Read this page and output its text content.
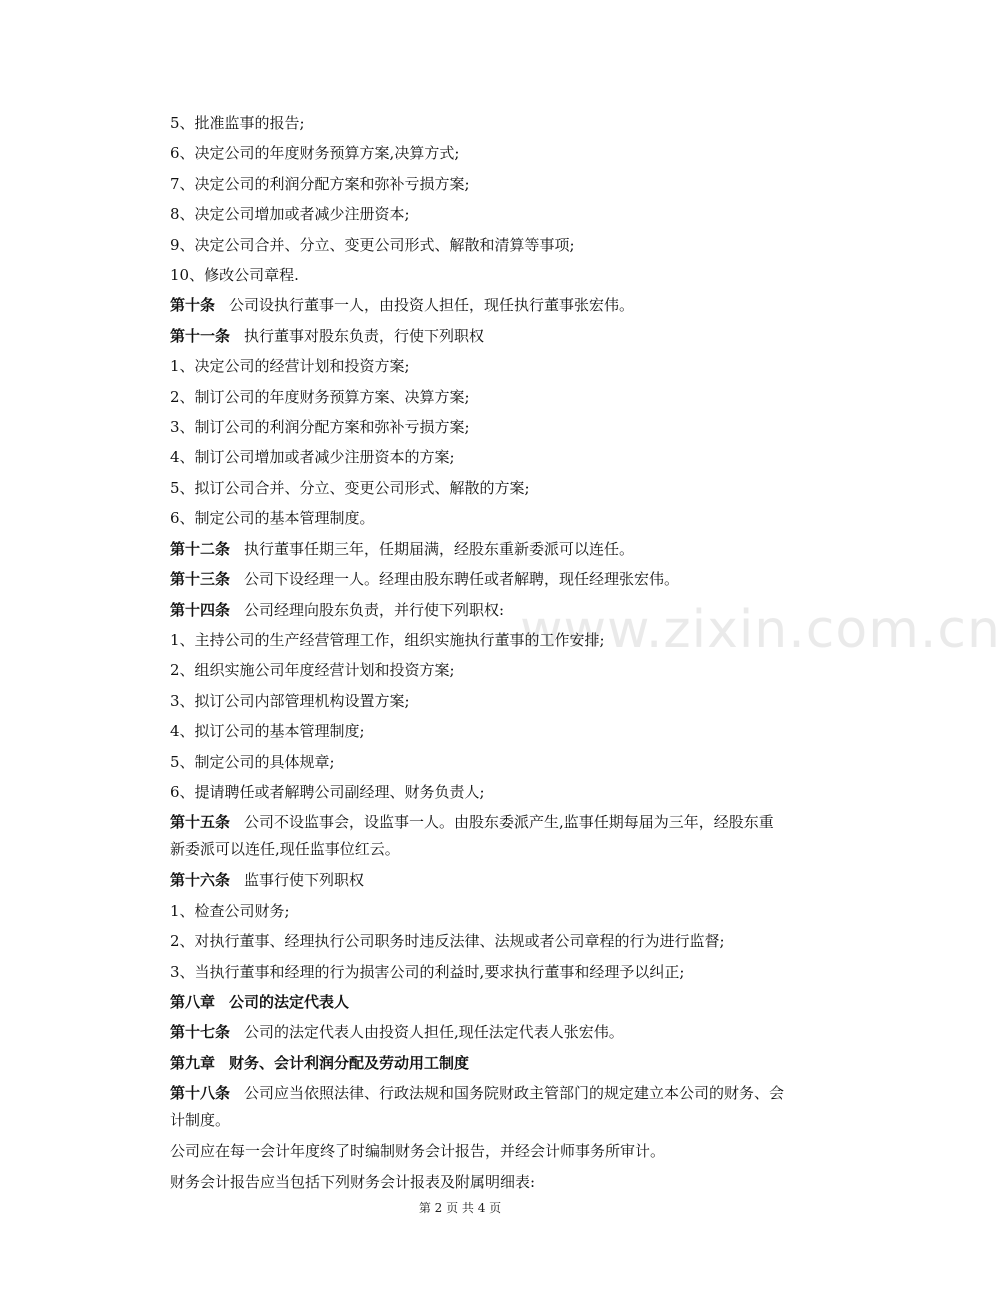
www.zixin.com.cn
5、批准监事的报告;
6、决定公司的年度财务预算方案,决算方式;
7、决定公司的利润分配方案和弥补亏损方案;
8、决定公司增加或者减少注册资本;
9、决定公司合并、分立、变更公司形式、解散和清算等事项;
10、修改公司章程.
第十条 公司设执行董事一人，由投资人担任，现任执行董事张宏伟。
第十一条 执行董事对股东负责，行使下列职权
1、决定公司的经营计划和投资方案;
2、制订公司的年度财务预算方案、决算方案;
3、制订公司的利润分配方案和弥补亏损方案;
4、制订公司增加或者减少注册资本的方案;
5、拟订公司合并、分立、变更公司形式、解散的方案;
6、制定公司的基本管理制度。
第十二条 执行董事任期三年，任期届满，经股东重新委派可以连任。
第十三条 公司下设经理一人。经理由股东聘任或者解聘，现任经理张宏伟。
第十四条 公司经理向股东负责，并行使下列职权:
1、主持公司的生产经营管理工作，组织实施执行董事的工作安排;
2、组织实施公司年度经营计划和投资方案;
3、拟订公司内部管理机构设置方案;
4、拟订公司的基本管理制度;
5、制定公司的具体规章;
6、提请聘任或者解聘公司副经理、财务负责人;
第十五条 公司不设监事会，设监事一人。由股东委派产生,监事任期每届为三年，经股东重新委派可以连任,现任监事位红云。
第十六条 监事行使下列职权
1、检查公司财务;
2、对执行董事、经理执行公司职务时违反法律、法规或者公司章程的行为进行监督;
3、当执行董事和经理的行为损害公司的利益时,要求执行董事和经理予以纠正;
第八章 公司的法定代表人
第十七条 公司的法定代表人由投资人担任,现任法定代表人张宏伟。
第九章 财务、会计利润分配及劳动用工制度
第十八条 公司应当依照法律、行政法规和国务院财政主管部门的规定建立本公司的财务、会计制度。
公司应在每一会计年度终了时编制财务会计报告，并经会计师事务所审计。
财务会计报告应当包括下列财务会计报表及附属明细表:
第 2 页 共 4 页
